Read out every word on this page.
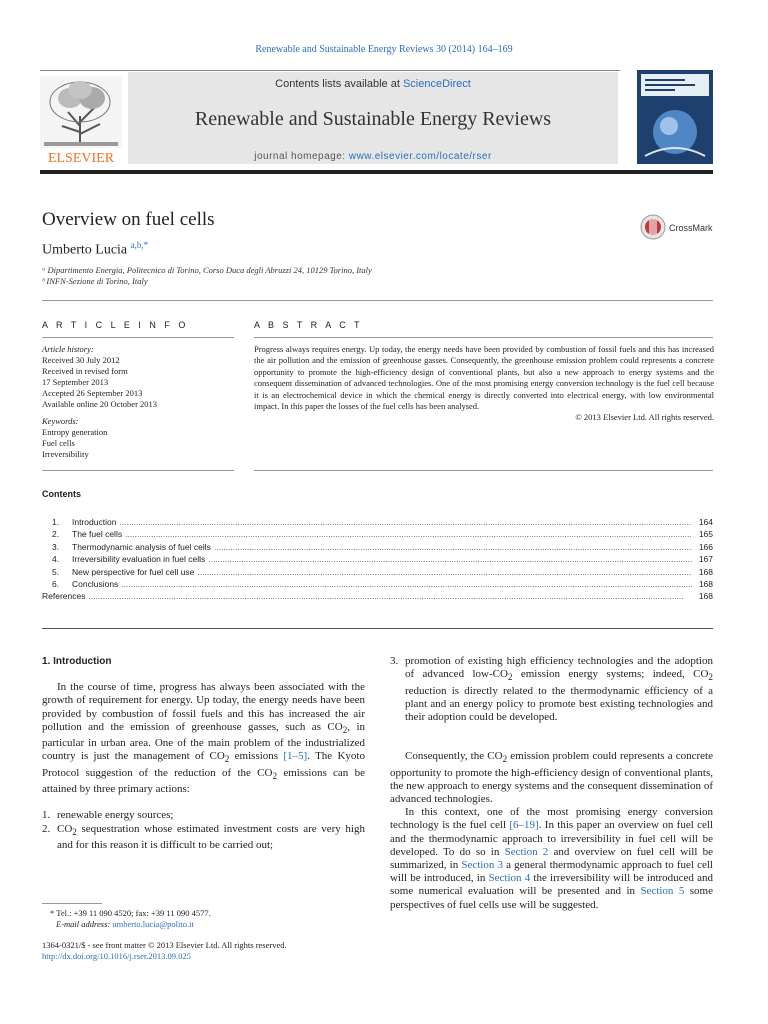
Renewable and Sustainable Energy Reviews 30 (2014) 164–169
ELSEVIER
Contents lists available at ScienceDirect
Renewable and Sustainable Energy Reviews
journal homepage: www.elsevier.com/locate/rser
Overview on fuel cells	CrossMark
Umberto Lucia $^{a,b,*}$
ᵃ Dipartimento Energia, Politecnico di Torino, Corso Duca degli Abruzzi 24, 10129 Torino, Italy
ᵇ INFN-Sezione di Torino, Italy
A R T I C L E I N F O	A B S T R A C T
Article history:
Received 30 July 2012
Received in revised form
17 September 2013
Accepted 26 September 2013
Available online 20 October 2013
Keywords:
Entropy generation
Fuel cells
Irreversibility
Progress always requires energy. Up today, the energy needs have been provided by combustion of fossil fuels and this has increased the air pollution and the emission of greenhouse gasses. Consequently, the greenhouse emission problem could represents a concrete opportunity to promote the high-efficiency design of conventional plants, but also a new approach to energy systems and the consequent dissemination of advanced technologies. One of the most promising energy conversion technology is the fuel cell because it is an electrochemical device in which the chemical energy is directly converted into electrical energy, with low environmental impact. In this paper the losses of the fuel cells has been analysed.
© 2013 Elsevier Ltd. All rights reserved.
Contents
1.	Introduction .....	164
2.	The fuel cells .....	165
3.	Thermodynamic analysis of fuel cells .....	166
4.	Irreversibility evaluation in fuel cells .....	167
5.	New perspective for fuel cell use .....	168
6.	Conclusions .....	168
References .....	168
1. Introduction

In the course of time, progress has always been associated with the growth of requirement for energy. Up today, the energy needs have been provided by combustion of fossil fuels and this has increased the air pollution and the emission of greenhouse gasses, such as $CO_2$, in particular in urban area. One of the main problem of the industrialized country is just the management of $CO_2$ emissions [1–5]. The Kyoto Protocol suggestion of the reduction of the $CO_2$ emissions can be attained by three primary actions:

1. renewable energy sources;
2. $CO_2$ sequestration whose estimated investment costs are very high and for this reason it is difficult to be carried out;
3. promotion of existing high efficiency technologies and the adoption of advanced low-$CO_2$ emission energy systems; indeed, $CO_2$ reduction is directly related to the thermodynamic efficiency of a plant and an energy policy to promote best existing technologies and their adoption could be developed.

Consequently, the $CO_2$ emission problem could represents a concrete opportunity to promote the high-efficiency design of conventional plants, the new approach to energy systems and the consequent dissemination of advanced technologies.

In this context, one of the most promising energy conversion technology is the fuel cell [6–19]. In this paper an overview on fuel cell and the thermodynamic approach to irreversibility in fuel cell will be developed. To do so in Section 2 and overview on fuel cell will be summarized, in Section 3 a general thermodynamic approach to fuel cell will be introduced, in Section 4 the irreversibility will be introduced and some numerical evaluation will be presented and in Section 5 some perspectives of fuel cells use will be suggested.

* Tel.: +39 11 090 4520; fax: +39 11 090 4577.
E-mail address: umberto.lucia@polito.it
1364-0321/$ - see front matter © 2013 Elsevier Ltd. All rights reserved.
http://dx.doi.org/10.1016/j.rser.2013.09.025
